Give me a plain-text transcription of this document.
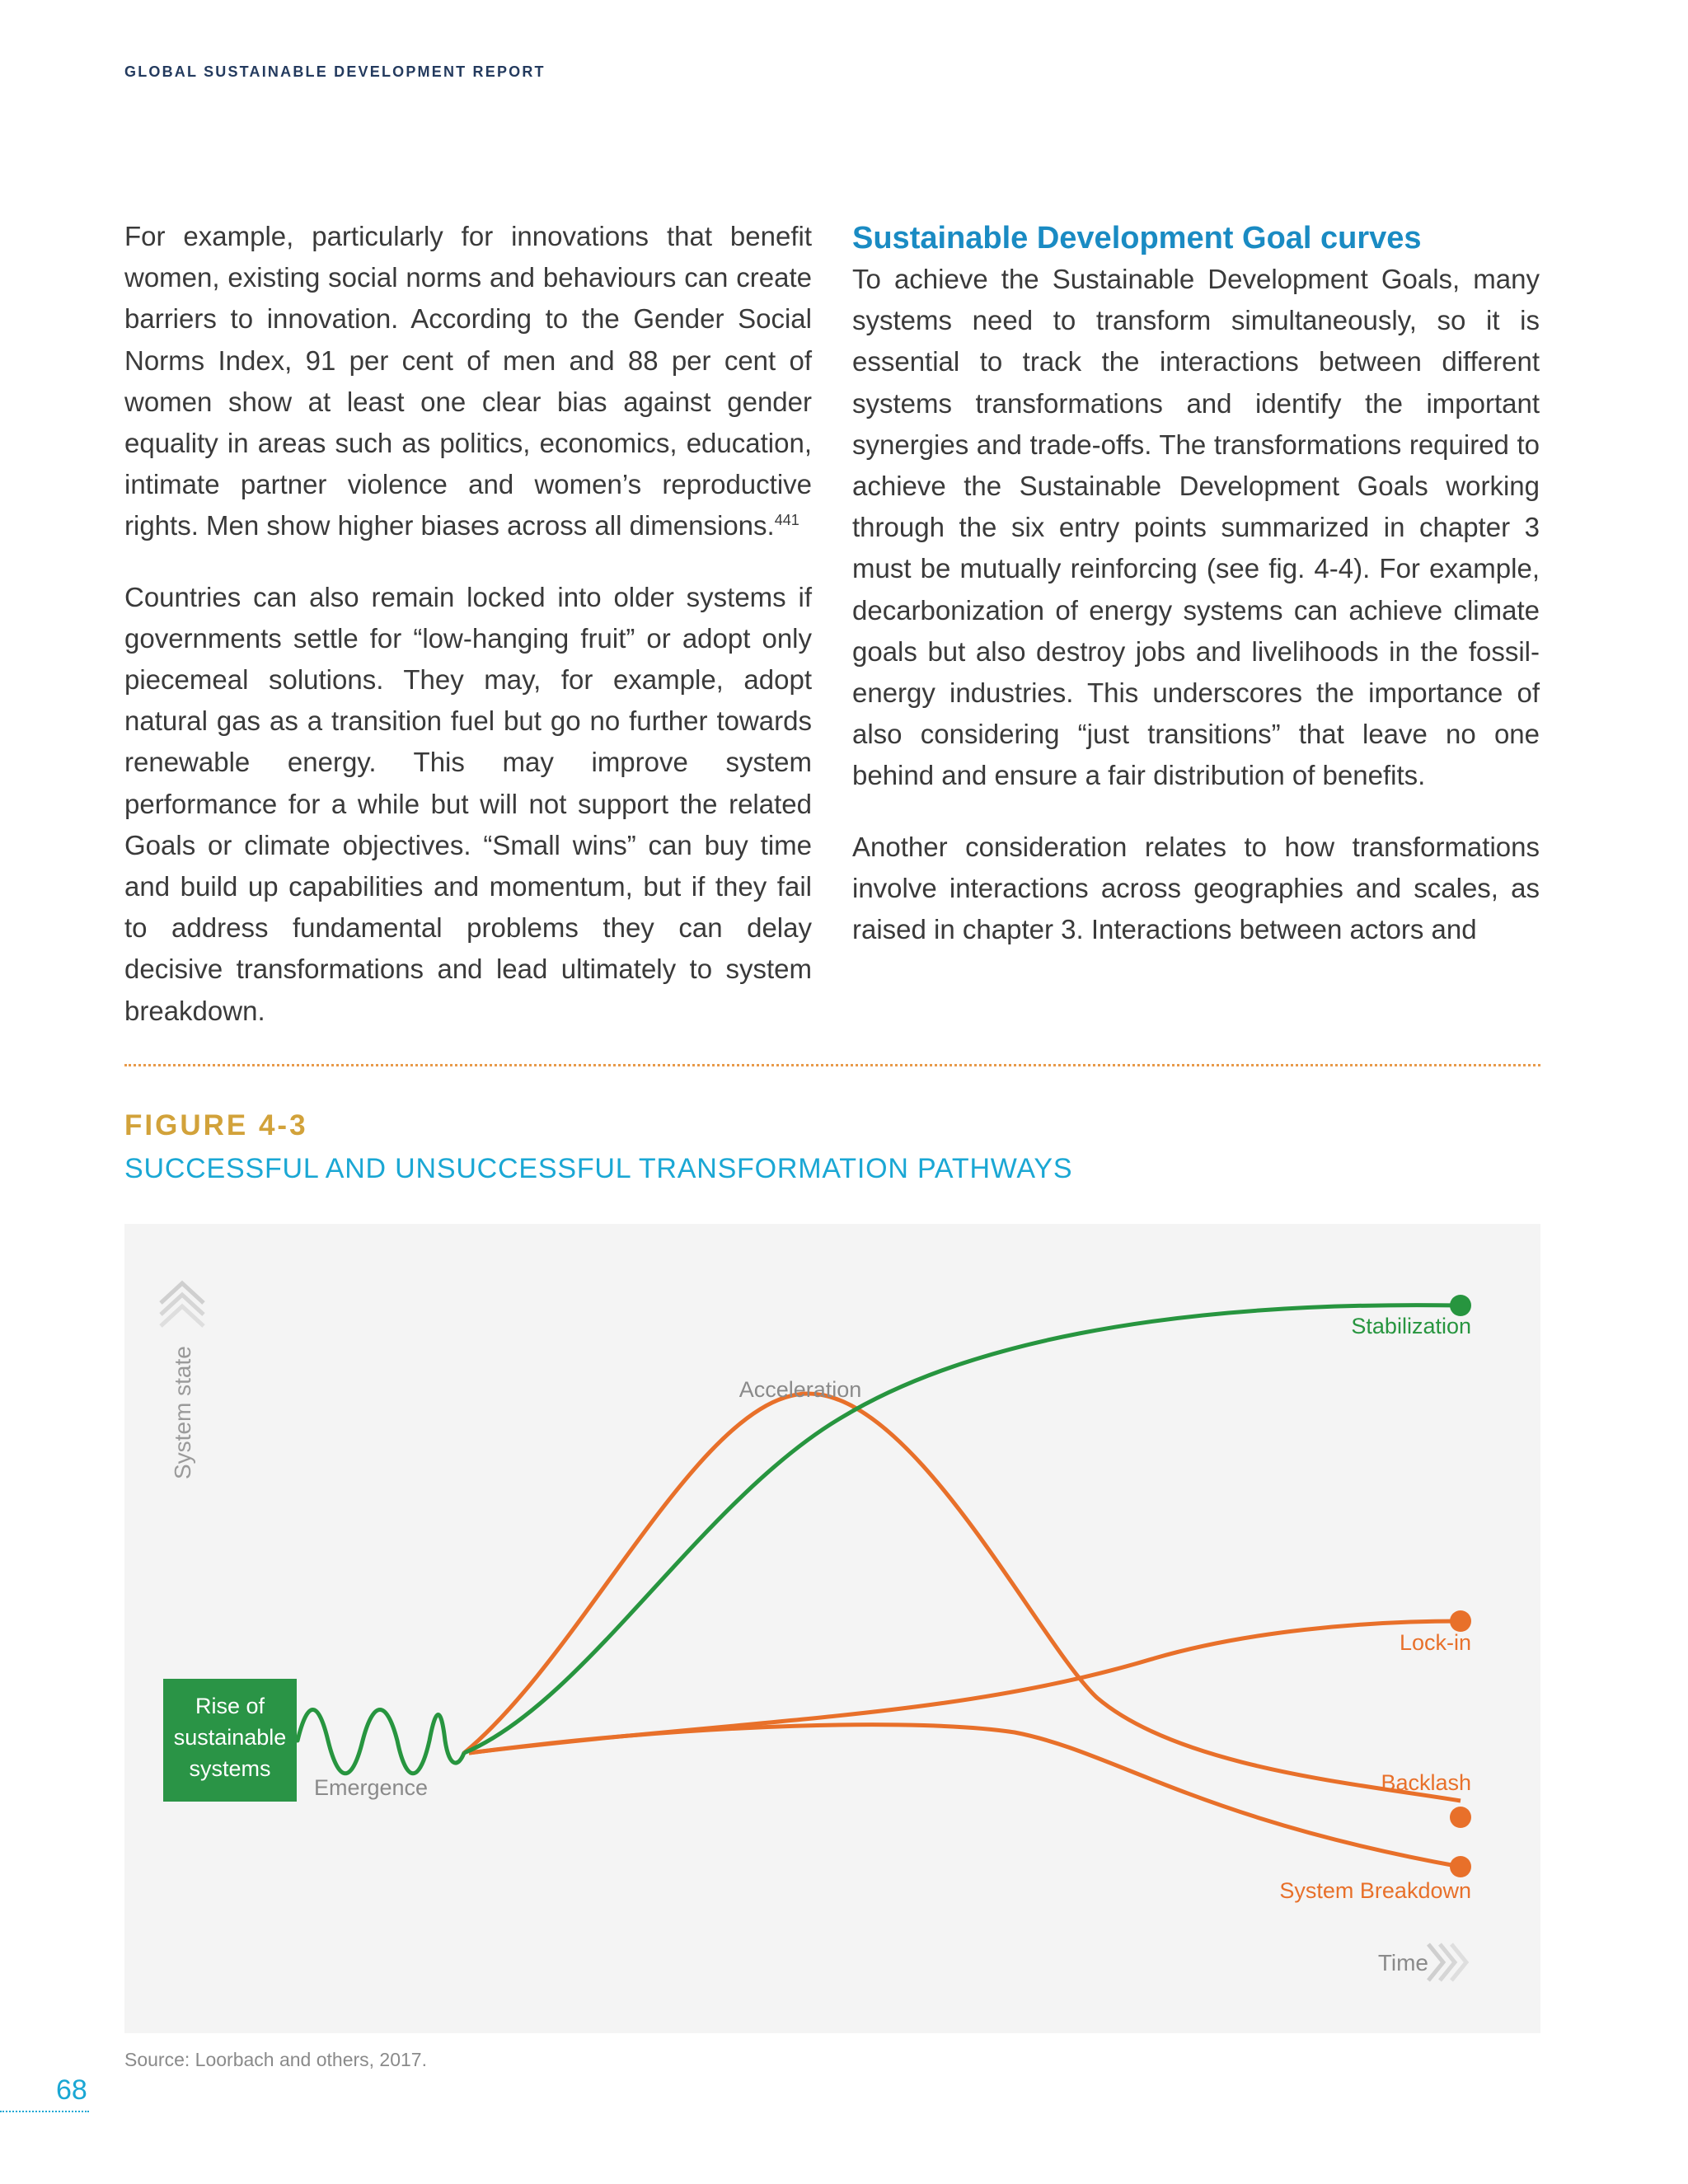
GLOBAL SUSTAINABLE DEVELOPMENT REPORT

For example, particularly for innovations that benefit women, existing social norms and behaviours can create barriers to innovation. According to the Gender Social Norms Index, 91 per cent of men and 88 per cent of women show at least one clear bias against gender equality in areas such as politics, economics, education, intimate partner violence and women’s reproductive rights. Men show higher biases across all dimensions.$^{441}$

Countries can also remain locked into older systems if governments settle for “low-hanging fruit” or adopt only piecemeal solutions. They may, for example, adopt natural gas as a transition fuel but go no further towards renewable energy. This may improve system performance for a while but will not support the related Goals or climate objectives. “Small wins” can buy time and build up capabilities and momentum, but if they fail to address fundamental problems they can delay decisive transformations and lead ultimately to system breakdown.

Sustainable Development Goal curves

To achieve the Sustainable Development Goals, many systems need to transform simultaneously, so it is essential to track the interactions between different systems transformations and identify the important synergies and trade-offs. The transformations required to achieve the Sustainable Development Goals working through the six entry points summarized in chapter 3 must be mutually reinforcing (see fig. 4-4). For example, decarbonization of energy systems can achieve climate goals but also destroy jobs and livelihoods in the fossil-energy industries. This underscores the importance of also considering “just transitions” that leave no one behind and ensure a fair distribution of benefits.

Another consideration relates to how transformations involve interactions across geographies and scales, as raised in chapter 3. Interactions between actors and

FIGURE 4-3
SUCCESSFUL AND UNSUCCESSFUL TRANSFORMATION PATHWAYS
System state
Time
Stabilization
Lock-in
Backlash
System Breakdown
Acceleration
Emergence
Rise of
sustainable
systems
Source: Loorbach and others, 2017.
68
